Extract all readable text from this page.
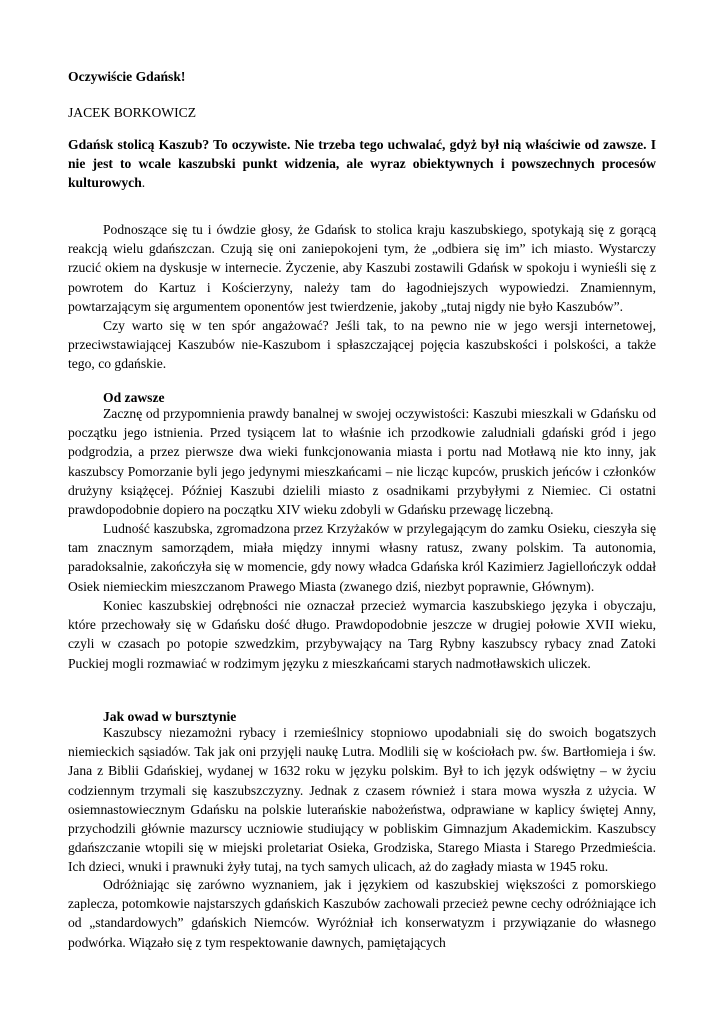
Oczywiście Gdańsk!
JACEK BORKOWICZ
Gdańsk stolicą Kaszub? To oczywiste. Nie trzeba tego uchwalać, gdyż był nią właściwie od zawsze. I nie jest to wcale kaszubski punkt widzenia, ale wyraz obiektywnych i powszechnych procesów kulturowych.
Podnoszące się tu i ówdzie głosy, że Gdańsk to stolica kraju kaszubskiego, spotykają się z gorącą reakcją wielu gdańszczan. Czują się oni zaniepokojeni tym, że „odbiera się im” ich miasto. Wystarczy rzucić okiem na dyskusje w internecie. Życzenie, aby Kaszubi zostawili Gdańsk w spokoju i wynieśli się z powrotem do Kartuz i Kościerzyny, należy tam do łagodniejszych wypowiedzi. Znamiennym, powtarzającym się argumentem oponentów jest twierdzenie, jakoby „tutaj nigdy nie było Kaszubów”.
Czy warto się w ten spór angażować? Jeśli tak, to na pewno nie w jego wersji internetowej, przeciwstawiającej Kaszubów nie-Kaszubom i spłaszczającej pojęcia kaszubskości i polskości, a także tego, co gdańskie.
Od zawsze
Zacznę od przypomnienia prawdy banalnej w swojej oczywistości: Kaszubi mieszkali w Gdańsku od początku jego istnienia. Przed tysiącem lat to właśnie ich przodkowie zaludniali gdański gród i jego podgrodzia, a przez pierwsze dwa wieki funkcjonowania miasta i portu nad Motławą nie kto inny, jak kaszubscy Pomorzanie byli jego jedynymi mieszkańcami – nie licząc kupców, pruskich jeńców i członków drużyny książęcej. Później Kaszubi dzielili miasto z osadnikami przybyłymi z Niemiec. Ci ostatni prawdopodobnie dopiero na początku XIV wieku zdobyli w Gdańsku przewagę liczebną.
Ludność kaszubska, zgromadzona przez Krzyżaków w przylegającym do zamku Osieku, cieszyła się tam znacznym samorządem, miała między innymi własny ratusz, zwany polskim. Ta autonomia, paradoksalnie, zakończyła się w momencie, gdy nowy władca Gdańska król Kazimierz Jagiellończyk oddał Osiek niemieckim mieszczanom Prawego Miasta (zwanego dziś, niezbyt poprawnie, Głównym).
Koniec kaszubskiej odrębności nie oznaczał przecież wymarcia kaszubskiego języka i obyczaju, które przechowały się w Gdańsku dość długo. Prawdopodobnie jeszcze w drugiej połowie XVII wieku, czyli w czasach po potopie szwedzkim, przybywający na Targ Rybny kaszubscy rybacy znad Zatoki Puckiej mogli rozmawiać w rodzimym języku z mieszkańcami starych nadmotławskich uliczek.
Jak owad w bursztynie
Kaszubscy niezamożni rybacy i rzemieślnicy stopniowo upodabniali się do swoich bogatszych niemieckich sąsiadów. Tak jak oni przyjęli naukę Lutra. Modlili się w kościołach pw. św. Bartłomieja i św. Jana z Biblii Gdańskiej, wydanej w 1632 roku w języku polskim. Był to ich język odświętny – w życiu codziennym trzymali się kaszubszczyzny. Jednak z czasem również i stara mowa wyszła z użycia. W osiemnastowiecznym Gdańsku na polskie luterańskie nabożeństwa, odprawiane w kaplicy świętej Anny, przychodzili głównie mazurscy uczniowie studiujący w pobliskim Gimnazjum Akademickim. Kaszubscy gdańszczanie wtopili się w miejski proletariat Osieka, Grodziska, Starego Miasta i Starego Przedmieścia. Ich dzieci, wnuki i prawnuki żyły tutaj, na tych samych ulicach, aż do zagłady miasta w 1945 roku.
Odróżniając się zarówno wyznaniem, jak i językiem od kaszubskiej większości z pomorskiego zaplecza, potomkowie najstarszych gdańskich Kaszubów zachowali przecież pewne cechy odróżniające ich od „standardowych” gdańskich Niemców. Wyróżniał ich konserwatyzm i przywiązanie do własnego podwórka. Wiązało się z tym respektowanie dawnych, pamiętających
